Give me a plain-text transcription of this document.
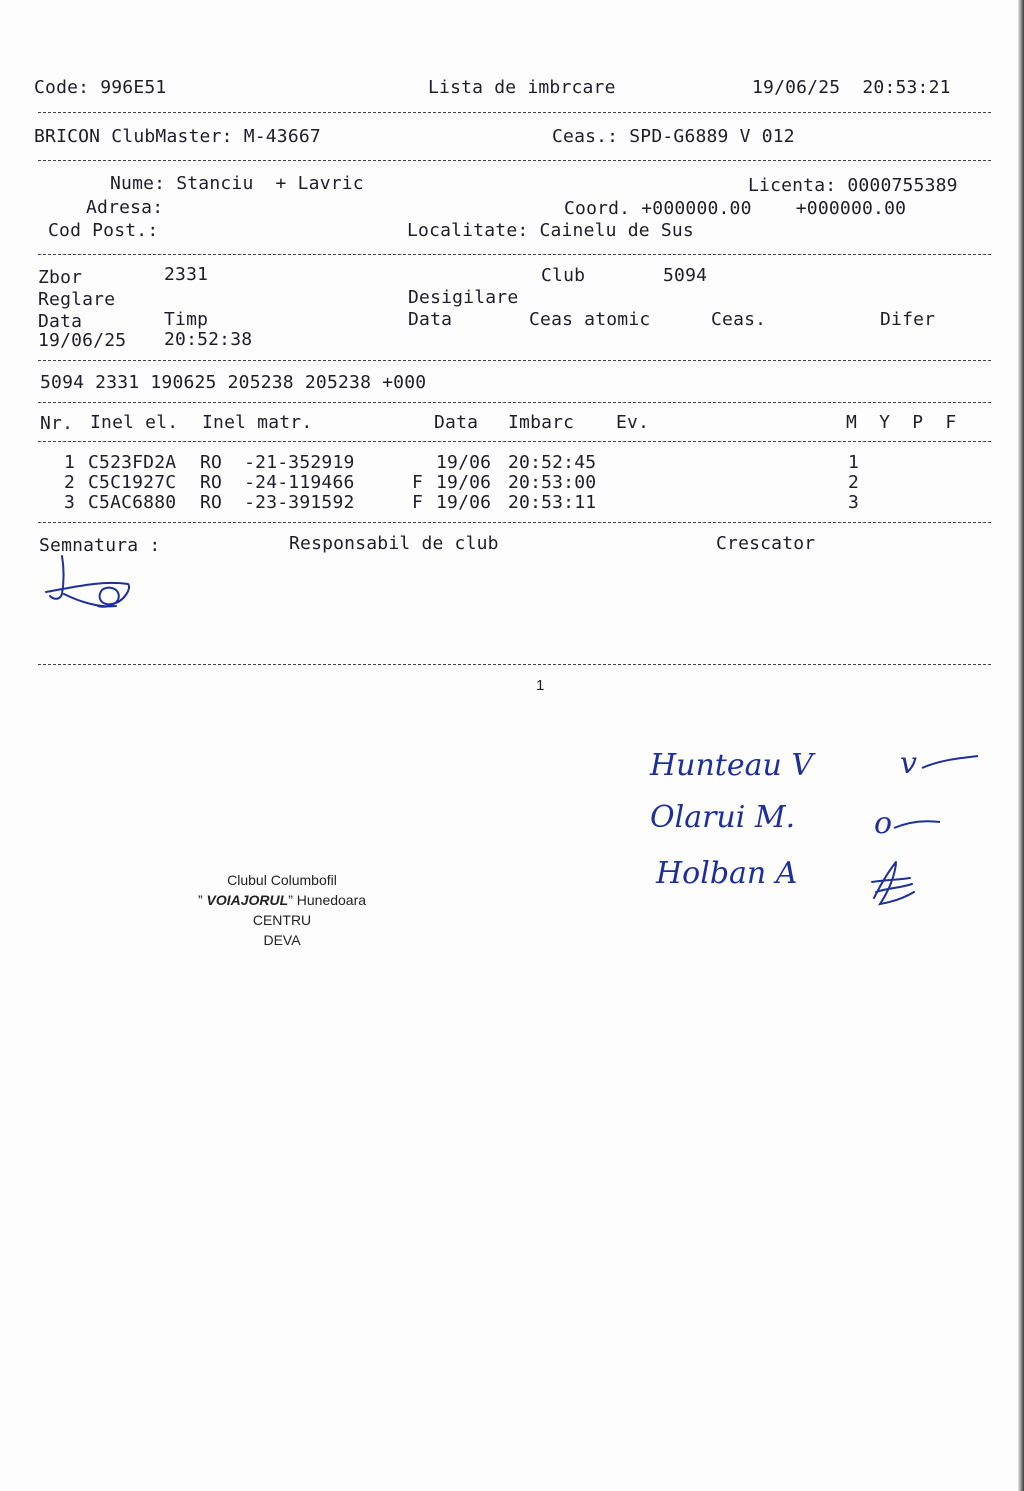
Code: 996E51	Lista de imbrcare	19/06/25  20:53:21
BRICON ClubMaster: M-43667	Ceas.: SPD-G6889 V 012
Nume: Stanciu  + Lavric	Licenta: 0000755389
Adresa:	Coord. +000000.00    +000000.00
Cod Post.:	Localitate: Cainelu de Sus
Zbor	2331	Club	5094
Reglare	Desigilare
Data	Timp	Data	Ceas atomic	Ceas.	Difer
19/06/25 20:52:38
5094 2331 190625 205238 205238 +000
Nr. Inel el. Inel matr.	Data Imbarc Ev.	M  Y  P  F
1 C523FD2A RO  -21-352919	19/06 20:52:45	1
2 C5C1927C RO  -24-119466	F 19/06 20:53:00	2
3 C5AC6880 RO  -23-391592	F 19/06 20:53:11	3
Semnatura :	Responsabil de club	Crescator
1
Hunteau V	v
Olarui M.	o
Holban A
Clubul Columbofil
” VOIAJORUL” Hunedoara
CENTRU
DEVA
